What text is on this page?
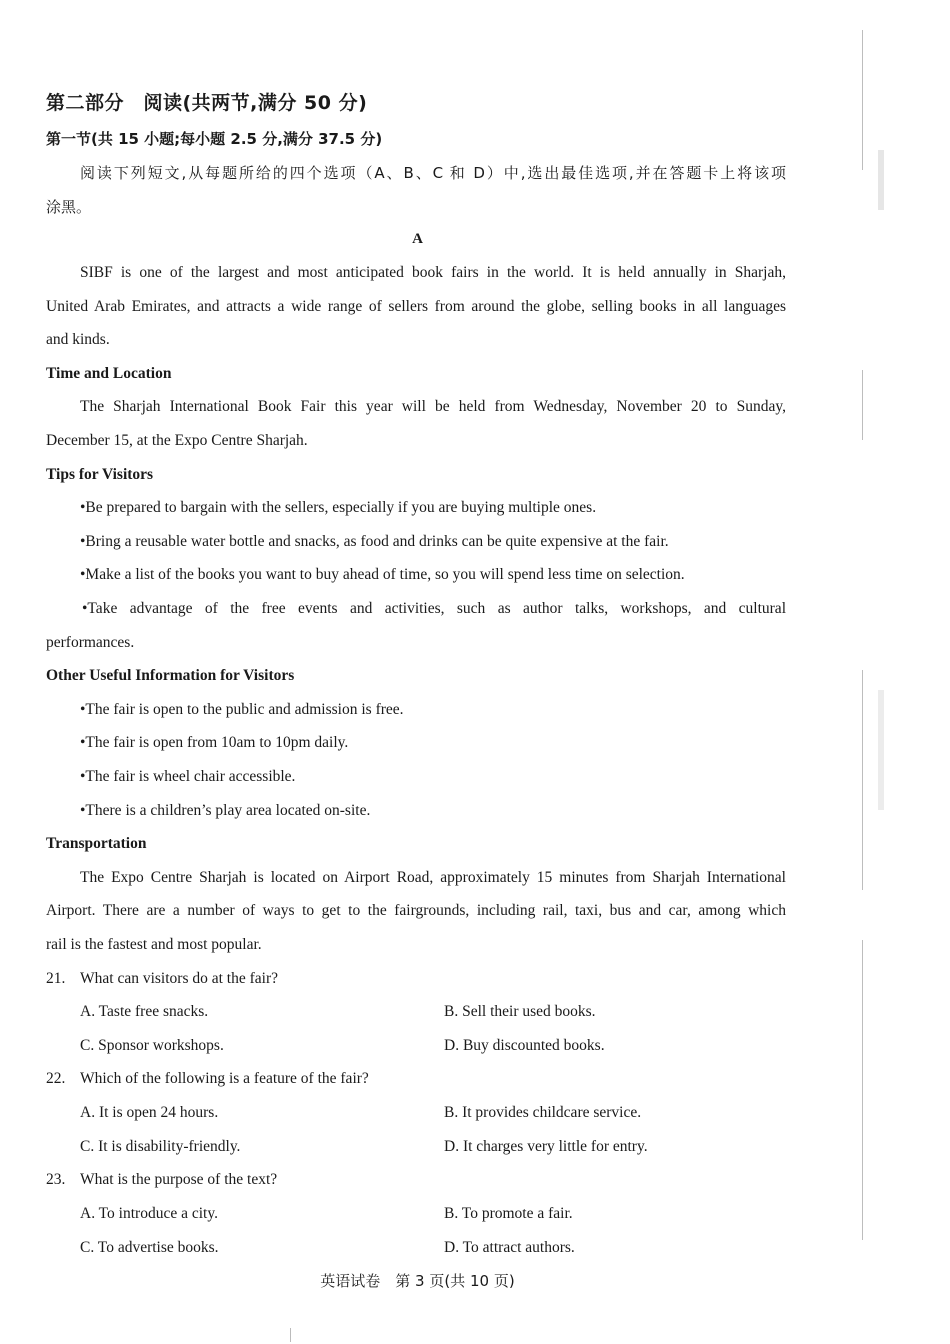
第二部分　阅读(共两节,满分 50 分)
第一节(共 15 小题;每小题 2.5 分,满分 37.5 分)
阅读下列短文,从每题所给的四个选项（A、B、C 和 D）中,选出最佳选项,并在答题卡上将该项
涂黑。
A
SIBF is one of the largest and most anticipated book fairs in the world. It is held annually in Sharjah,
United Arab Emirates, and attracts a wide range of sellers from around the globe, selling books in all languages
and kinds.
Time and Location
The Sharjah International Book Fair this year will be held from Wednesday, November 20 to Sunday,
December 15, at the Expo Centre Sharjah.
Tips for Visitors
•Be prepared to bargain with the sellers, especially if you are buying multiple ones.
•Bring a reusable water bottle and snacks, as food and drinks can be quite expensive at the fair.
•Make a list of the books you want to buy ahead of time, so you will spend less time on selection.
•Take advantage of the free events and activities, such as author talks, workshops, and cultural
performances.
Other Useful Information for Visitors
•The fair is open to the public and admission is free.
•The fair is open from 10am to 10pm daily.
•The fair is wheel chair accessible.
•There is a children’s play area located on-site.
Transportation
The Expo Centre Sharjah is located on Airport Road, approximately 15 minutes from Sharjah International
Airport. There are a number of ways to get to the fairgrounds, including rail, taxi, bus and car, among which
rail is the fastest and most popular.
21. What can visitors do at the fair?
A. Taste free snacks.	B. Sell their used books.
C. Sponsor workshops.	D. Buy discounted books.
22. Which of the following is a feature of the fair?
A. It is open 24 hours.	B. It provides childcare service.
C. It is disability-friendly.	D. It charges very little for entry.
23. What is the purpose of the text?
A. To introduce a city.	B. To promote a fair.
C. To advertise books.	D. To attract authors.
英语试卷　第 3 页(共 10 页)
